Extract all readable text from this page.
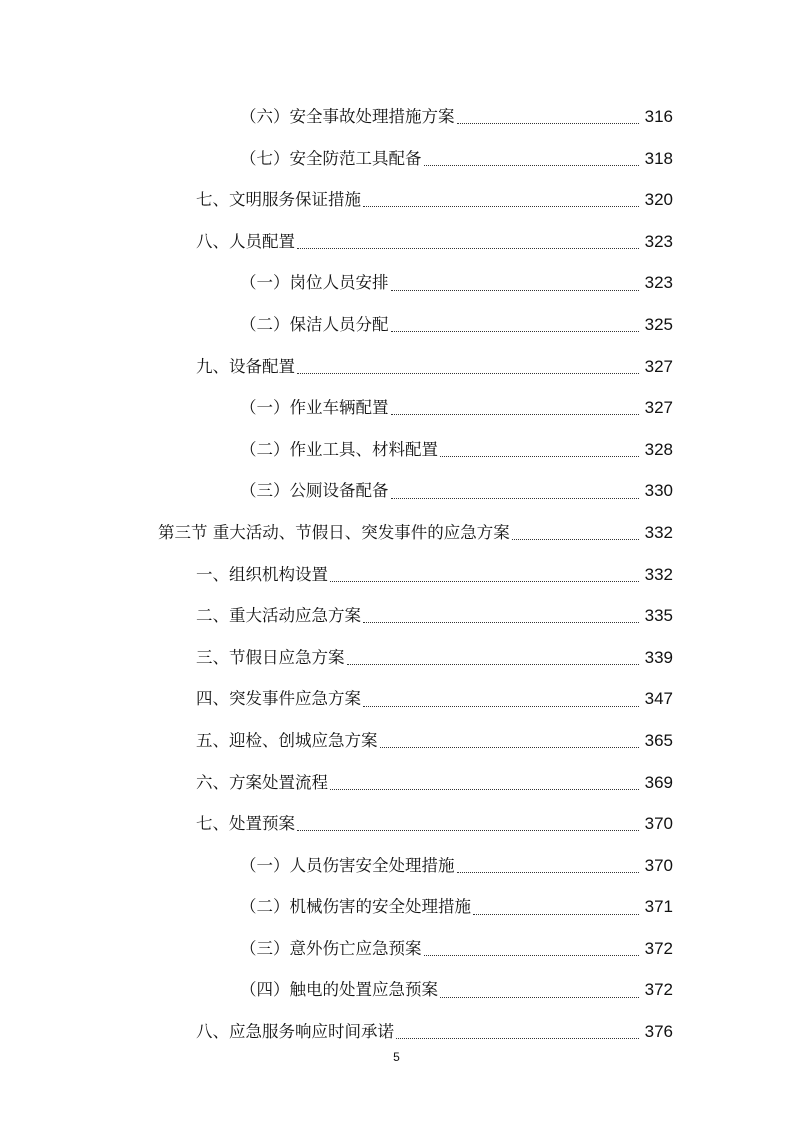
（六）安全事故处理措施方案	316
（七）安全防范工具配备	318
七、文明服务保证措施	320
八、人员配置	323
（一）岗位人员安排	323
（二）保洁人员分配	325
九、设备配置	327
（一）作业车辆配置	327
（二）作业工具、材料配置	328
（三）公厕设备配备	330
第三节 重大活动、节假日、突发事件的应急方案	332
一、组织机构设置	332
二、重大活动应急方案	335
三、节假日应急方案	339
四、突发事件应急方案	347
五、迎检、创城应急方案	365
六、方案处置流程	369
七、处置预案	370
（一）人员伤害安全处理措施	370
（二）机械伤害的安全处理措施	371
（三）意外伤亡应急预案	372
（四）触电的处置应急预案	372
八、应急服务响应时间承诺	376
5
